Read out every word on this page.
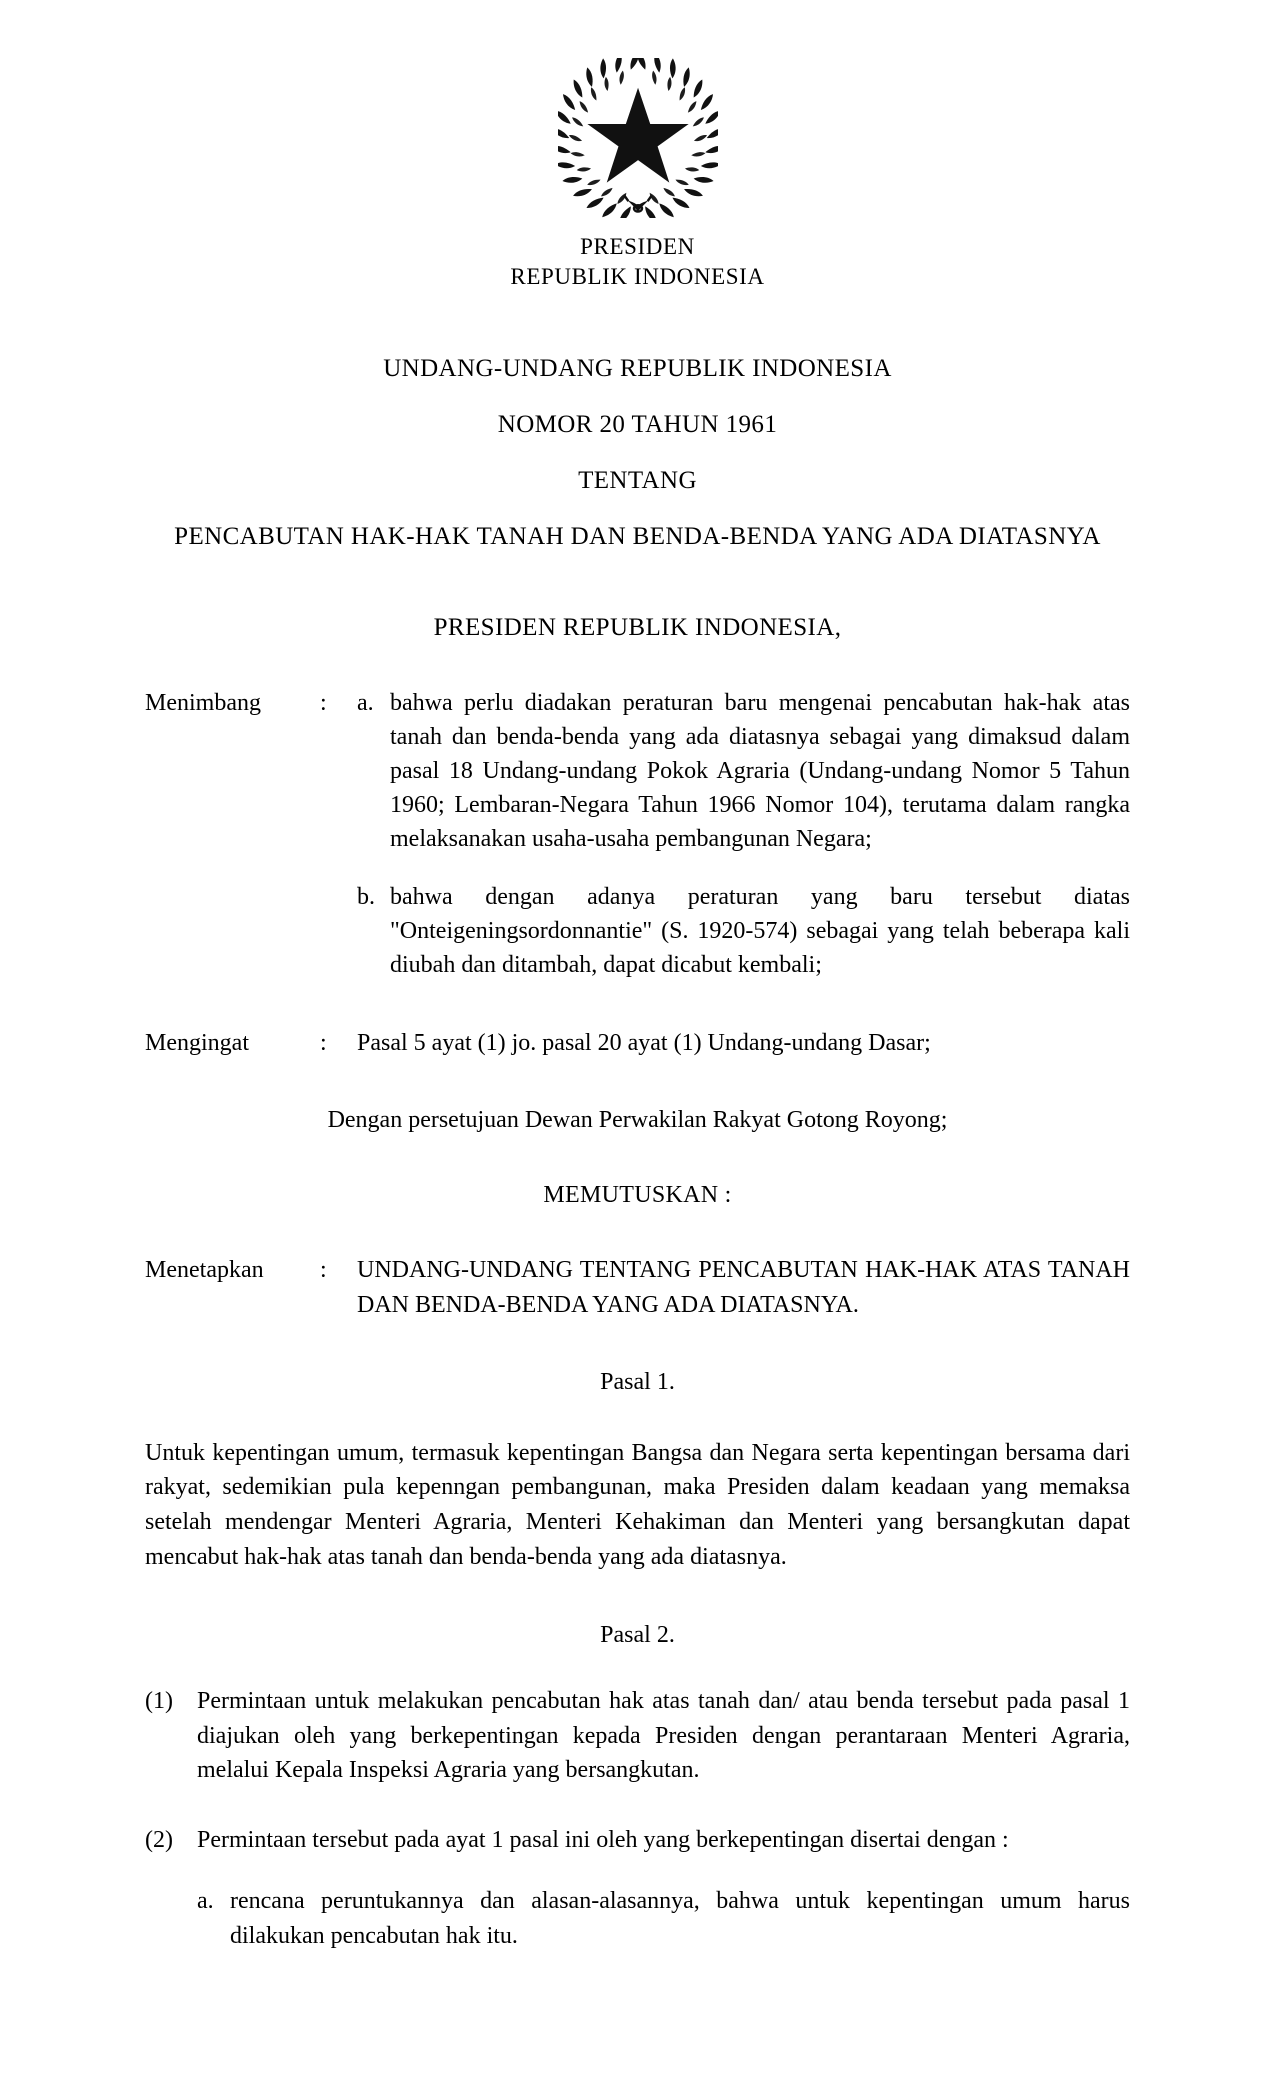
PRESIDEN
REPUBLIK INDONESIA
UNDANG-UNDANG REPUBLIK INDONESIA
NOMOR 20 TAHUN 1961
TENTANG
PENCABUTAN HAK-HAK TANAH DAN BENDA-BENDA YANG ADA DIATASNYA
PRESIDEN REPUBLIK INDONESIA,
Menimbang	:	a. bahwa perlu diadakan peraturan baru mengenai pencabutan hak-hak atas tanah dan benda-benda yang ada diatasnya sebagai yang dimaksud dalam pasal 18 Undang-undang Pokok Agraria (Undang-undang Nomor 5 Tahun 1960; Lembaran-Negara Tahun 1966 Nomor 104), terutama dalam rangka melaksanakan usaha-usaha pembangunan Negara;
b. bahwa dengan adanya peraturan yang baru tersebut diatas "Onteigeningsordonnantie" (S. 1920-574) sebagai yang telah beberapa kali diubah dan ditambah, dapat dicabut kembali;
Mengingat	:	Pasal 5 ayat (1) jo. pasal 20 ayat (1) Undang-undang Dasar;
Dengan persetujuan Dewan Perwakilan Rakyat Gotong Royong;
MEMUTUSKAN :
Menetapkan	:	UNDANG-UNDANG TENTANG PENCABUTAN HAK-HAK ATAS TANAH DAN BENDA-BENDA YANG ADA DIATASNYA.
Pasal 1.
Untuk kepentingan umum, termasuk kepentingan Bangsa dan Negara serta kepentingan bersama dari rakyat, sedemikian pula kepenngan pembangunan, maka Presiden dalam keadaan yang memaksa setelah mendengar Menteri Agraria, Menteri Kehakiman dan Menteri yang bersangkutan dapat mencabut hak-hak atas tanah dan benda-benda yang ada diatasnya.
Pasal 2.
(1)	Permintaan untuk melakukan pencabutan hak atas tanah dan/ atau benda tersebut pada pasal 1 diajukan oleh yang berkepentingan kepada Presiden dengan perantaraan Menteri Agraria, melalui Kepala Inspeksi Agraria yang bersangkutan.
(2)	Permintaan tersebut pada ayat 1 pasal ini oleh yang berkepentingan disertai dengan :
a. rencana peruntukannya dan alasan-alasannya, bahwa untuk kepentingan umum harus dilakukan pencabutan hak itu.
